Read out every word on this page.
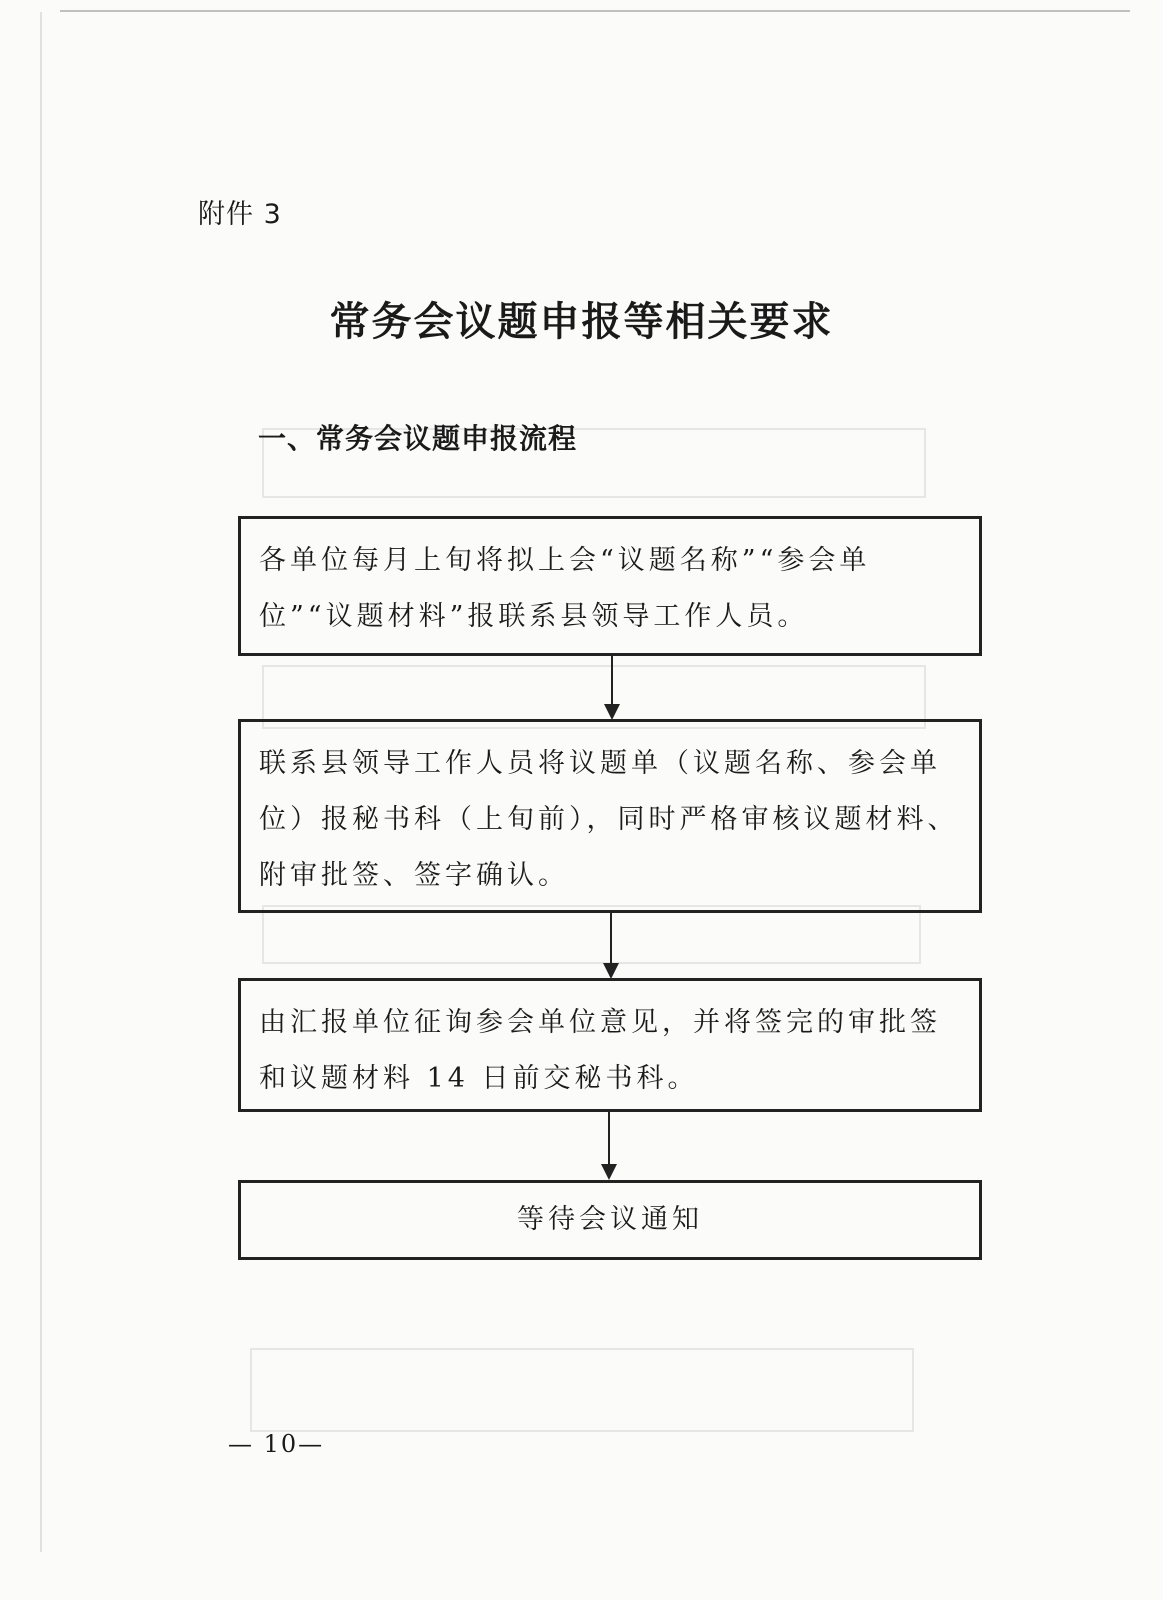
附件 3
常务会议题申报等相关要求
一、常务会议题申报流程
各单位每月上旬将拟上会“议题名称”“参会单位”“议题材料”报联系县领导工作人员。
联系县领导工作人员将议题单（议题名称、参会单位）报秘书科（上旬前），同时严格审核议题材料、附审批签、签字确认。
由汇报单位征询参会单位意见，并将签完的审批签和议题材料 14 日前交秘书科。
等待会议通知
— 10—
